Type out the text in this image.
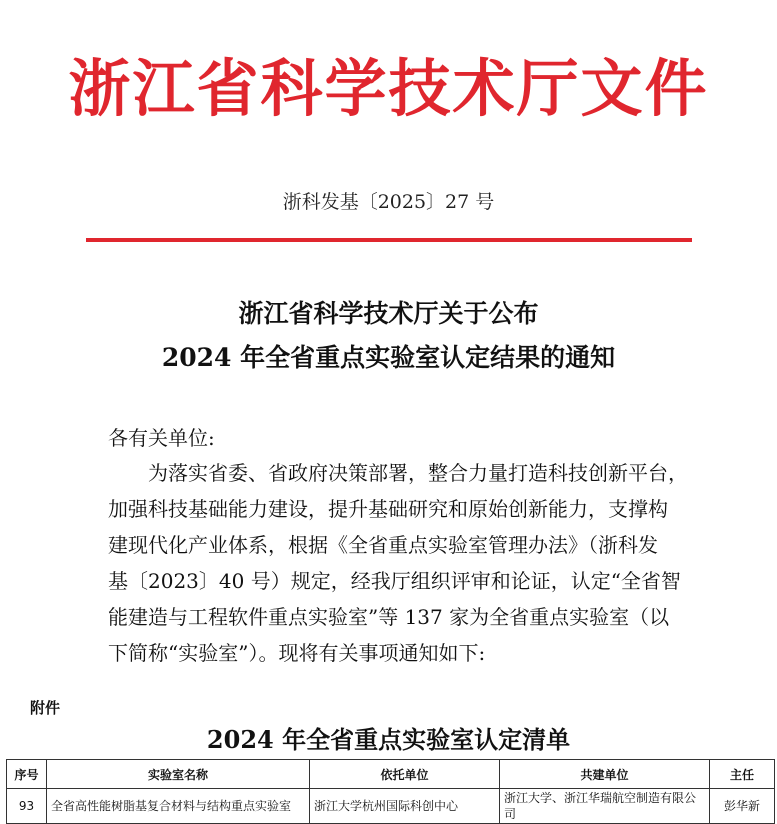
浙江省科学技术厅文件
浙科发基〔2025〕27 号
浙江省科学技术厅关于公布
2024 年全省重点实验室认定结果的通知
各有关单位:
为落实省委、省政府决策部署，整合力量打造科技创新平台，
加强科技基础能力建设，提升基础研究和原始创新能力，支撑构
建现代化产业体系，根据《全省重点实验室管理办法》（浙科发
基〔2023〕40 号）规定，经我厅组织评审和论证，认定“全省智
能建造与工程软件重点实验室”等 137 家为全省重点实验室（以
下简称“实验室”）。现将有关事项通知如下:
附件
2024 年全省重点实验室认定清单
序号	实验室名称	依托单位	共建单位	主任
93	全省高性能树脂基复合材料与结构重点实验室	浙江大学杭州国际科创中心	浙江大学、浙江华瑞航空制造有限公司	彭华新
